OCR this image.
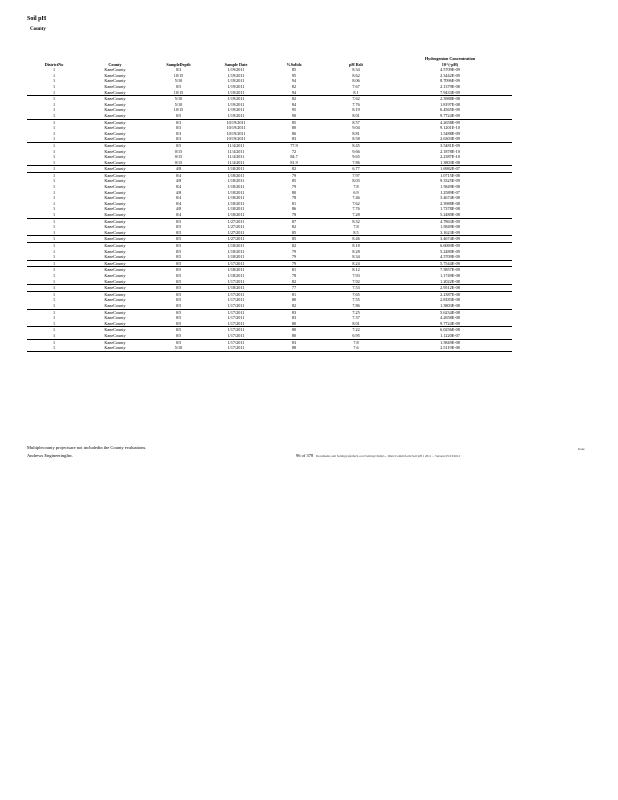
Soil pH
County
DistrictNo	County	SampleDepth	Sample Date	%Solids	pH Rslt	Hydrogenion Concentration
10^(-pH)
1	KaneCounty	0/3	1/19/2011	85	8.34	4.5709E-09
1	KaneCounty	10/15	1/19/2011	95	8.62	2.3442E-09
1	KaneCounty	5/10	1/19/2011	94	8.06	8.7096E-09
1	KaneCounty	0/5	1/19/2011	82	7.67	2.1379E-08
1	KaneCounty	10/15	1/19/2011	94	8.1	7.9433E-09
1	KaneCounty	5/10	1/19/2011	82	7.62	2.3988E-08
1	KaneCounty	5/10	1/19/2011	84	7.76	1.8197E-08
1	KaneCounty	10/15	1/19/2011	95	8.19	6.4565E-09
1	KaneCounty	0/5	1/19/2011	90	8.01	9.7724E-09
1	KaneCounty	0/3	10/19/2011	85	8.57	4.2658E-09
1	KaneCounty	0/3	10/19/2011	80	9.04	9.1201E-10
1	KaneCounty	0/3	10/19/2011	86	8.81	1.5488E-09
1	KaneCounty	0/3	10/19/2011	83	8.58	2.6303E-09
1	KaneCounty	0/5	11/4/2011	77.9	8.45	3.5481E-09
1	KaneCounty	0/15	11/4/2011	72	9.66	2.1878E-10
1	KaneCounty	0/15	11/4/2011	84.7	9.65	2.2387E-10
1	KaneCounty	0/15	11/4/2011	81.9	7.86	1.3803E-08
1	KaneCounty	4/8	1/18/2011	82	6.77	1.6982E-07
1	KaneCounty	0/4	1/18/2011	79	7.97	1.0715E-08
1	KaneCounty	4/8	1/18/2011	85	8.03	9.3325E-09
1	KaneCounty	0/4	1/18/2011	79	7.8	1.5849E-08
1	KaneCounty	4/8	1/18/2011	80	6.9	1.2589E-07
1	KaneCounty	0/4	1/18/2011	78	7.46	3.4674E-08
1	KaneCounty	0/4	1/18/2011	81	7.62	2.3988E-08
1	KaneCounty	4/8	1/18/2011	86	7.76	1.7378E-08
1	KaneCounty	0/4	1/18/2011	78	7.28	5.2480E-08
1	KaneCounty	0/5	1/27/2011	87	8.32	4.7863E-09
1	KaneCounty	0/5	1/27/2011	82	7.8	1.5849E-08
1	KaneCounty	0/5	1/27/2011	85	8.5	3.1623E-09
1	KaneCounty	0/5	1/27/2011	85	8.46	3.4674E-09
1	KaneCounty	0/5	1/18/2011	82	8.18	6.6069E-09
1	KaneCounty	0/5	1/18/2011	79	8.28	5.2480E-09
1	KaneCounty	0/5	1/18/2011	79	8.34	4.5709E-09
1	KaneCounty	0/5	1/17/2011	79	8.24	5.7544E-09
1	KaneCounty	0/5	1/18/2011	81	8.12	7.5857E-09
1	KaneCounty	0/5	1/18/2011	78	7.93	1.1749E-08
1	KaneCounty	0/5	1/17/2011	82	7.92	1.2022E-08
1	KaneCounty	0/5	1/18/2011	77	7.53	2.9512E-08
1	KaneCounty	0/5	1/17/2011	81	7.65	2.2387E-08
1	KaneCounty	0/5	1/17/2011	80	7.55	2.8183E-08
1	KaneCounty	0/5	1/17/2011	82	7.86	1.3803E-08
1	KaneCounty	0/5	1/17/2011	83	7.25	5.6234E-08
1	KaneCounty	0/5	1/17/2011	83	7.37	4.2658E-08
1	KaneCounty	0/5	1/17/2011	80	8.01	9.7724E-09
1	KaneCounty	0/5	1/17/2011	80	7.22	6.0256E-08
1	KaneCounty	0/5	1/17/2011	80	6.95	1.1220E-07
1	KaneCounty	0/5	1/17/2011	83	7.8	1.5849E-08
1	KaneCounty	5/10	1/17/2011	88	7.6	2.5119E-08
Multiplecounty projectsare not includedin the County evaluations.
Andrews EngineeringInc.	96 of 378 Documents and Settings\pfeifer\Local Settings\Temp\... Distr\Comm\Soils\Soil\pH 1 2011 ... Version 05/23/2012
Kane
